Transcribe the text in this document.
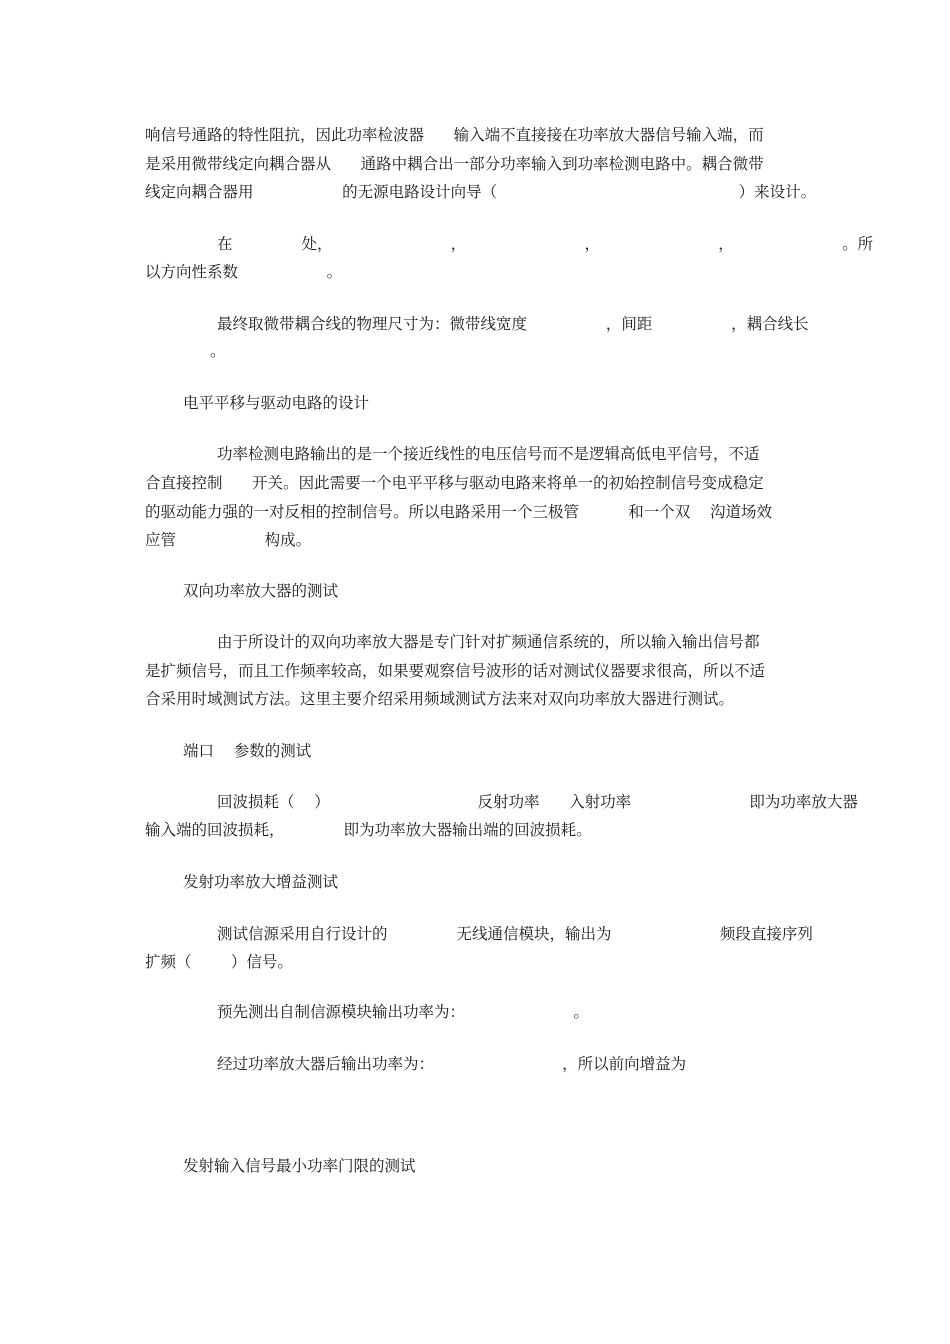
响信号通路的特性阻抗，因此功率检波器      输入端不直接接在功率放大器信号输入端，而

是采用微带线定向耦合器从      通路中耦合出一部分功率输入到功率检测电路中。耦合微带

线定向耦合器用                  的无源电路设计向导（                                                 ）来设计。

在              处，                        ，                        ，                        ，                      。所

以方向性系数                  。

最终取微带耦合线的物理尺寸为：微带线宽度                ，间距                ，耦合线长

。

电平平移与驱动电路的设计

功率检测电路输出的是一个接近线性的电压信号而不是逻辑高低电平信号，不适

合直接控制      开关。因此需要一个电平平移与驱动电路来将单一的初始控制信号变成稳定

的驱动能力强的一对反相的控制信号。所以电路采用一个三极管          和一个双    沟道场效

应管                  构成。

双向功率放大器的测试

由于所设计的双向功率放大器是专门针对扩频通信系统的，所以输入输出信号都

是扩频信号，而且工作频率较高，如果要观察信号波形的话对测试仪器要求很高，所以不适

合采用时域测试方法。这里主要介绍采用频域测试方法来对双向功率放大器进行测试。

端口    参数的测试

回波损耗（    ）                              反射功率      入射功率                        即为功率放大器

输入端的回波损耗，            即为功率放大器输出端的回波损耗。

发射功率放大增益测试

测试信源采用自行设计的              无线通信模块，输出为                      频段直接序列

扩频（        ）信号。

预先测出自制信源模块输出功率为：                      。

经过功率放大器后输出功率为：                          ，所以前向增益为

发射输入信号最小功率门限的测试
